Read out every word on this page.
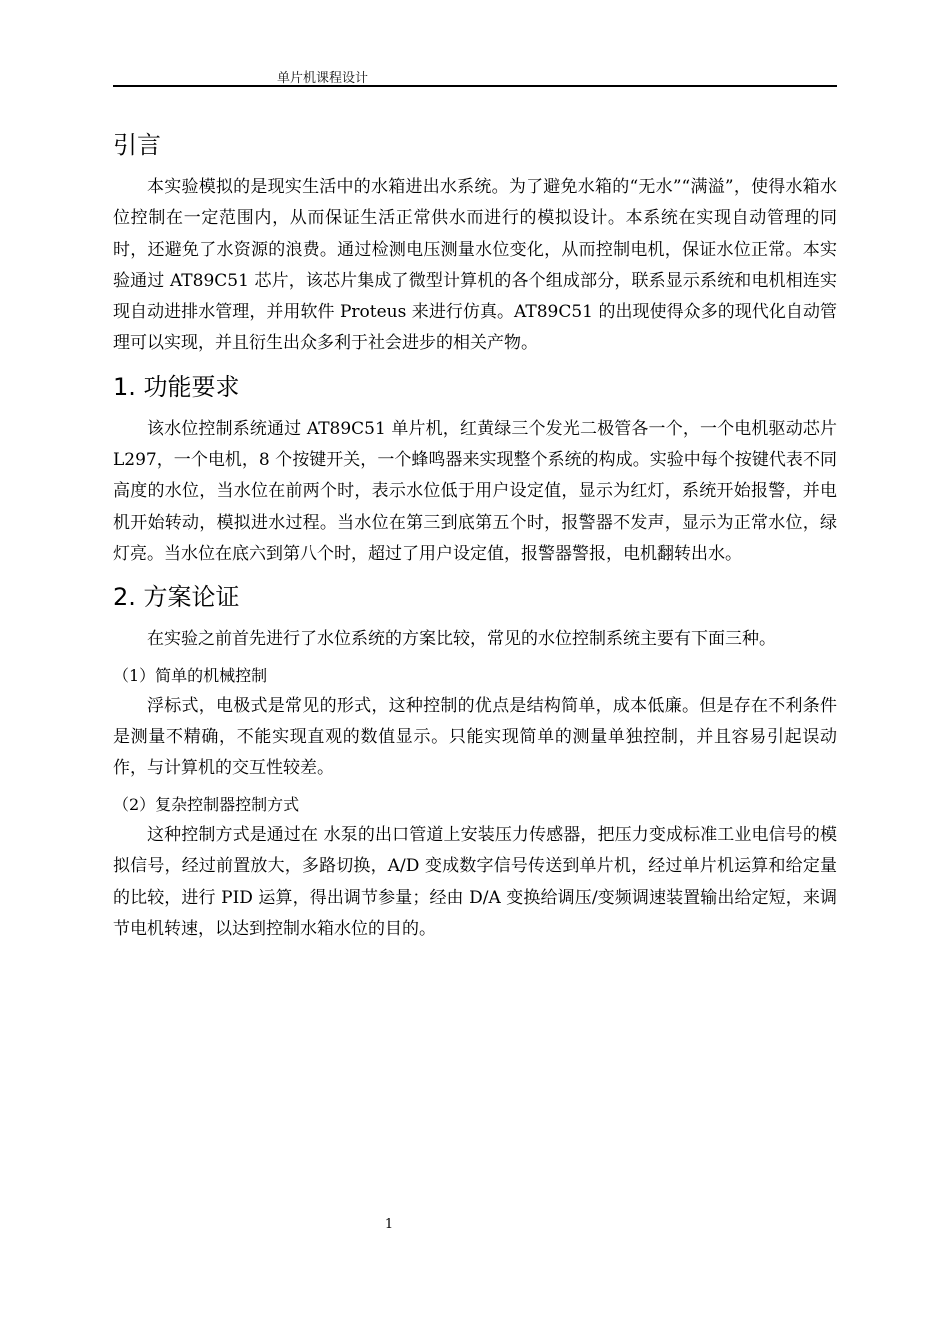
单片机课程设计
引言

本实验模拟的是现实生活中的水箱进出水系统。为了避免水箱的“无水”“满溢”，使得水箱水位控制在一定范围内，从而保证生活正常供水而进行的模拟设计。本系统在实现自动管理的同时，还避免了水资源的浪费。通过检测电压测量水位变化，从而控制电机，保证水位正常。本实验通过 AT89C51 芯片，该芯片集成了微型计算机的各个组成部分，联系显示系统和电机相连实现自动进排水管理，并用软件 Proteus 来进行仿真。AT89C51 的出现使得众多的现代化自动管理可以实现，并且衍生出众多利于社会进步的相关产物。

1. 功能要求

该水位控制系统通过 AT89C51 单片机，红黄绿三个发光二极管各一个，一个电机驱动芯片 L297，一个电机，8 个按键开关，一个蜂鸣器来实现整个系统的构成。实验中每个按键代表不同高度的水位，当水位在前两个时，表示水位低于用户设定值，显示为红灯，系统开始报警，并电机开始转动，模拟进水过程。当水位在第三到底第五个时，报警器不发声，显示为正常水位，绿灯亮。当水位在底六到第八个时，超过了用户设定值，报警器警报，电机翻转出水。

2. 方案论证

在实验之前首先进行了水位系统的方案比较，常见的水位控制系统主要有下面三种。

（1）简单的机械控制

浮标式，电极式是常见的形式，这种控制的优点是结构简单，成本低廉。但是存在不利条件是测量不精确，不能实现直观的数值显示。只能实现简单的测量单独控制，并且容易引起误动作，与计算机的交互性较差。

（2）复杂控制器控制方式

这种控制方式是通过在 水泵的出口管道上安装压力传感器，把压力变成标准工业电信号的模拟信号，经过前置放大，多路切换，A/D 变成数字信号传送到单片机，经过单片机运算和给定量的比较，进行 PID 运算，得出调节参量；经由 D/A 变换给调压/变频调速装置输出给定短，来调节电机转速，以达到控制水箱水位的目的。

1
